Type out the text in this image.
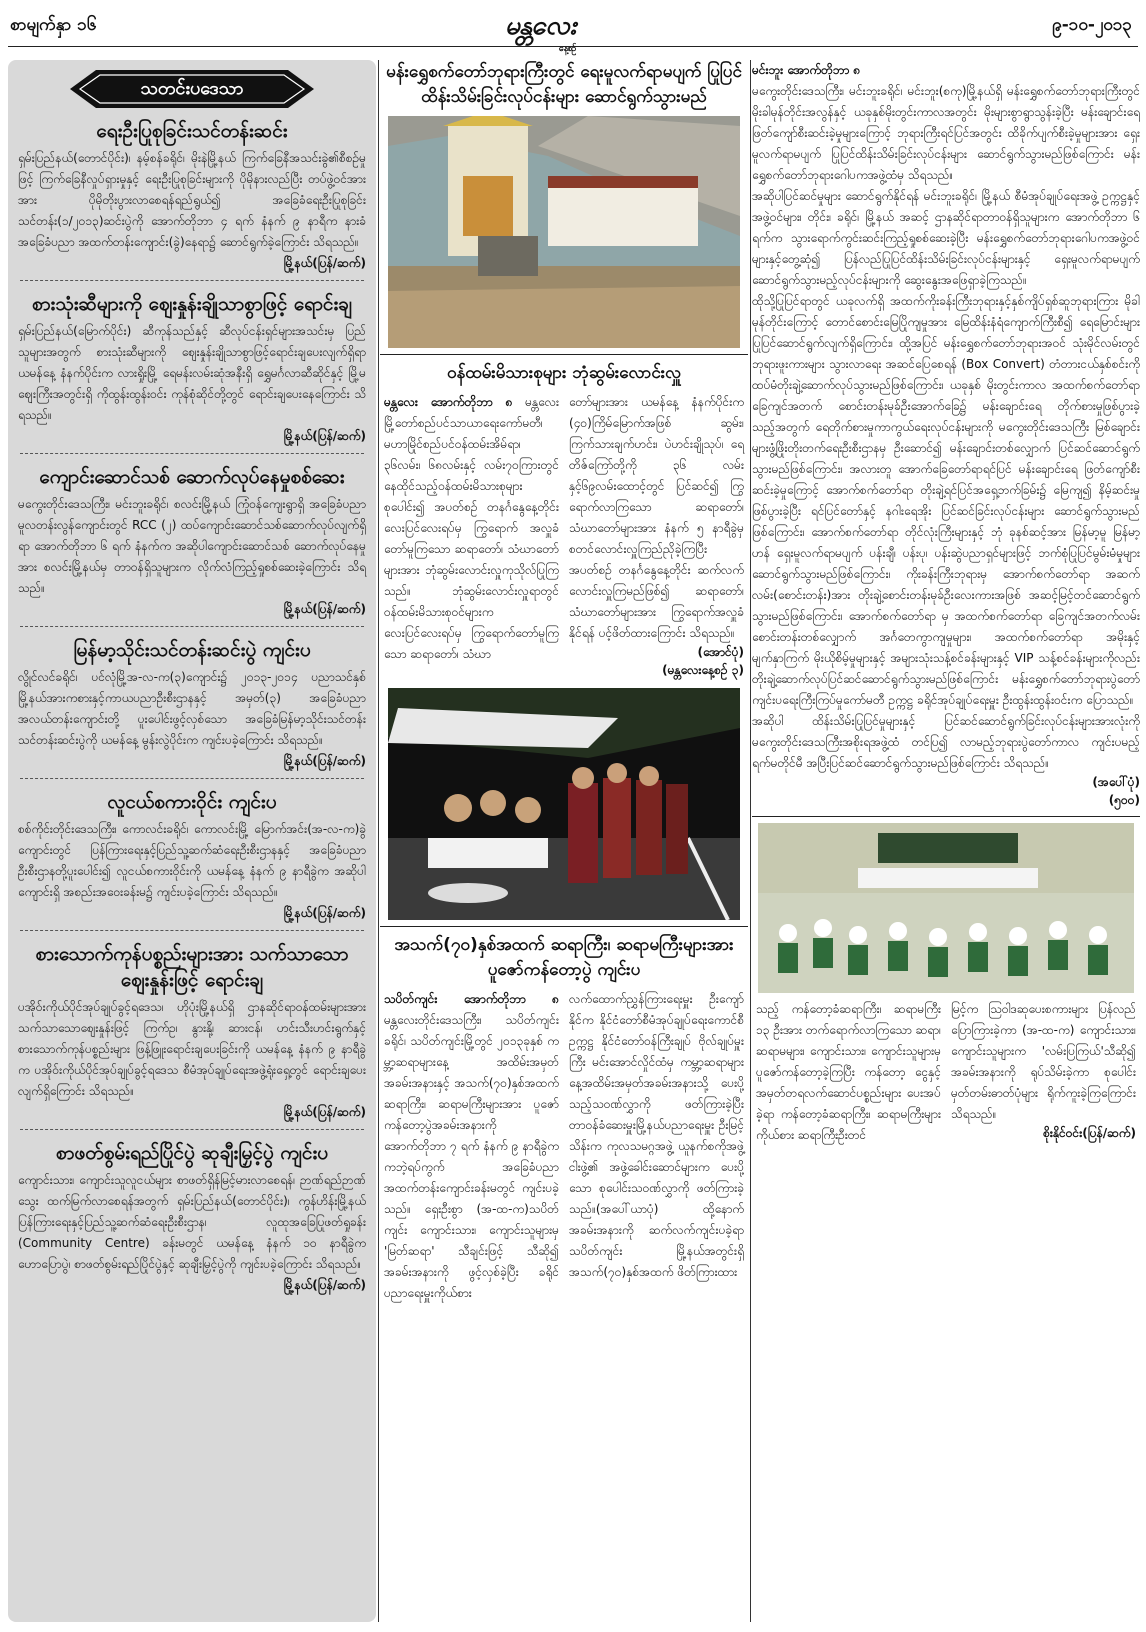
စာမျက်နှာ ၁၆	မန္တလေး
နေ့စဉ်
၉-၁၀-၂၀၁၃
သတင်းပဒေသာ
ရေးဦးပြုစုခြင်းသင်တန်းဆင်း

ရှမ်းပြည်နယ်(တောင်ပိုင်း)၊ နမ့်စန်ခရိုင်၊ မိုးနဲမြို့နယ် ကြက်ခြေနီအသင်းခွဲ၏စီစဉ်မှုဖြင့် ကြက်ခြေနီလှုပ်ရှားမှုနှင့် ရေးဦးပြုစုခြင်းများကို ပိုမိုနားလည်ပြီး တပ်ဖွဲ့ဝင်အားအား ပိုမိုတိုးပွားလာစေရန်ရည်ရွယ်၍ အခြေခံရေးဦးပြုစုခြင်းသင်တန်း(၁/၂၀၁၃)ဆင်းပွဲကို အောက်တိုဘာ ၄ ရက် နံနက် ၉ နာရီက နားခံအခြေခံပညာ အထက်တန်းကျောင်း(ခွဲ)နေရာ၌ ဆောင်ရွက်ခဲ့ကြောင်း သိရသည်။
မြို့နယ်(ပြန်/ဆက်)

စားသုံးဆီများကို ဈေးနှုန်းချိုသာစွာဖြင့် ရောင်းချ

ရှမ်းပြည်နယ်(မြောက်ပိုင်း) ဆီကုန်သည်နှင့် ဆီလုပ်ငန်းရှင်များအသင်းမှ ပြည်သူများအတွက် စားသုံးဆီများကို ဈေးနှုန်းချိုသာစွာဖြင့်ရောင်းချပေးလျက်ရှိရာ ယမန်နေ့ နံနက်ပိုင်းက လားရှိုးမြို့ ရေမန်းလမ်းဆုံအနီးရှိ ရွှေမင်္ဂလာဆီဆိုင်နှင့် မြို့မဈေးကြီးအတွင်းရှိ ကိုထွန်းထွန်းဝင်း ကုန်စုံဆိုင်တို့တွင် ရောင်းချပေးနေကြောင်း သိရသည်။
မြို့နယ်(ပြန်/ဆက်)

ကျောင်းဆောင်သစ် ဆောက်လုပ်နေမှုစစ်ဆေး

မကွေးတိုင်းဒေသကြီး၊ မင်းဘူးခရိုင်၊ စလင်းမြို့နယ် ကြုံဝန်ကျေးရွာရှိ အခြေခံပညာ မူလတန်းလွန်ကျောင်းတွင် RCC (၂) ထပ်ကျောင်းဆောင်သစ်ဆောက်လုပ်လျက်ရှိရာ အောက်တိုဘာ ၆ ရက် နံနက်က အဆိုပါကျောင်းဆောင်သစ် ဆောက်လုပ်နေမှုအား စလင်းမြို့နယ်မှ တာဝန်ရှိသူများက လိုက်လံကြည့်ရှုစစ်ဆေးခဲ့ကြောင်း သိရသည်။
မြို့နယ်(ပြန်/ဆက်)

မြန်မာ့သိုင်းသင်တန်းဆင်းပွဲ ကျင်းပ

လွိုင်လင်ခရိုင်၊ ပင်လုံမြို့အ-လ-က(၃)ကျောင်း၌ ၂၀၁၃-၂၀၁၄ ပညာသင်နှစ် မြို့နယ်အားကစားနှင့်ကာယပညာဦးစီးဌာနနှင့် အမှတ်(၃) အခြေခံပညာအလယ်တန်းကျောင်းတို့ ပူးပေါင်းဖွင့်လှစ်သော အခြေခံမြန်မာ့သိုင်းသင်တန်း သင်တန်းဆင်းပွဲကို ယမန်နေ့ မွန်းလွဲပိုင်းက ကျင်းပခဲ့ကြောင်း သိရသည်။
မြို့နယ်(ပြန်/ဆက်)

လူငယ်စကားဝိုင်း ကျင်းပ

စစ်ကိုင်းတိုင်းဒေသကြီး၊ ကောလင်းခရိုင်၊ ကောလင်းမြို့ မြောက်အင်း(အ-လ-က)ခွဲကျောင်းတွင် ပြန်ကြားရေးနှင့်ပြည်သူ့ဆက်ဆံရေးဦးစီးဌာနနှင့် အခြေခံပညာဦးစီးဌာနတို့ပူးပေါင်း၍ လူငယ်စကားဝိုင်းကို ယမန်နေ့ နံနက် ၉ နာရီခွဲက အဆိုပါကျောင်းရှိ အစည်းအဝေးခန်းမ၌ ကျင်းပခဲ့ကြောင်း သိရသည်။
မြို့နယ်(ပြန်/ဆက်)

စားသောက်ကုန်ပစ္စည်းများအား သက်သာသောဈေးနှုန်းဖြင့် ရောင်းချ

ပအိုဝ်းကိုယ်ပိုင်အုပ်ချုပ်ခွင့်ရဒေသ၊ ဟိုပုံးမြို့နယ်ရှိ ဌာနဆိုင်ရာဝန်ထမ်းများအား သက်သာသောဈေးနှုန်းဖြင့် ကြက်ဥ၊ နွားနို့၊ ဆားငန်၊ ဟင်းသီးဟင်းရွက်နှင့် စားသောက်ကုန်ပစ္စည်းများ ဖြန့်ဖြူးရောင်းချပေးခြင်းကို ယမန်နေ့ နံနက် ၉ နာရီခွဲက ပအိုဝ်းကိုယ်ပိုင်အုပ်ချုပ်ခွင့်ရဒေသ စီမံအုပ်ချုပ်ရေးအဖွဲ့ရုံးရှေ့တွင် ရောင်းချပေးလျက်ရှိကြောင်း သိရသည်။
မြို့နယ်(ပြန်/ဆက်)

စာဖတ်စွမ်းရည်ပြိုင်ပွဲ ဆုချီးမြှင့်ပွဲ ကျင်းပ

ကျောင်းသား၊ ကျောင်းသူလူငယ်များ စာဖတ်ရှိန်မြင့်မားလာစေရန်၊ ဉာဏ်ရည်ဉာဏ်သွေး ထက်မြက်လာစေရန်အတွက် ရှမ်းပြည်နယ်(တောင်ပိုင်း)၊ ကွန်ဟိန်းမြို့နယ် ပြန်ကြားရေးနှင့်ပြည်သူ့ဆက်ဆံရေးဦးစီးဌာန၊ လူထုအခြေပြုဖတ်ရှုခန်း (Community Centre) ခန်းမတွင် ယမန်နေ့ နံနက် ၁၀ နာရီခွဲက ဟောပြောပွဲ၊ စာဖတ်စွမ်းရည်ပြိုင်ပွဲနှင့် ဆုချီးမြှင့်ပွဲကို ကျင်းပခဲ့ကြောင်း သိရသည်။
မြို့နယ်(ပြန်/ဆက်)

မန်းရွှေစက်တော်ဘုရားကြီးတွင် ရေးမူလက်ရာမပျက် ပြုပြင်ထိန်းသိမ်းခြင်းလုပ်ငန်းများ ဆောင်ရွက်သွားမည်
ဝန်ထမ်းမိသားစုများ ဘုံဆွမ်းလောင်းလှူ

မန္တလေး အောက်တိုဘာ ၈ မန္တလေးမြို့တော်စည်ပင်သာယာရေးကော်မတီ၊ မဟာမြိုင်စည်ပင်ဝန်ထမ်းအိမ်ရာ၊ ၃၆လမ်း၊ ၆၈လမ်းနှင့် လမ်း၇၀ကြားတွင် နေထိုင်သည့်ဝန်ထမ်းမိသားစုများ စုပေါင်း၍ အပတ်စဉ် တနင်္ဂနွေနေ့တိုင်း လေးပြင်လေးရပ်မှ ကြွရောက် အလှူခံတော်မူကြသော ဆရာတော်၊ သံဃာတော်များအား ဘုံဆွမ်းလောင်းလှူကုသိုလ်ပြုကြသည်။ ဘုံဆွမ်းလောင်းလှူရာတွင် ဝန်ထမ်းမိသားစုဝင်များက လေးပြင်လေးရပ်မှ ကြွရောက်တော်မူကြသော ဆရာတော်၊ သံဃာ

တော်များအား ယမန်နေ့ နံနက်ပိုင်းက (၄၀)ကြိမ်မြောက်အဖြစ် ဆွမ်း၊ ကြက်သားချက်ဟင်း၊ ပဲဟင်းချိုသုပ်၊ ရေတိဇ်ကြော်တို့ကို ၃၆ လမ်းနှင့်၆၉လမ်းထောင့်တွင် ပြင်ဆင်၍ ကြွရောက်လာကြသော ဆရာတော်၊ သံဃာတော်များအား နံနက် ၅ နာရီခွဲမှ စတင်လောင်းလှူကြည်ညိုခဲ့ကြပြီး အပတ်စဉ် တနင်္ဂနွေနေ့တိုင်း ဆက်လက်လောင်းလှူကြမည်ဖြစ်၍ ဆရာတော်၊ သံဃာတော်များအား ကြွရောက်အလှူခံနိုင်ရန် ပင့်ဖိတ်ထားကြောင်း သိရသည်။

(အောင်ပုံ)
(မန္တလေးနေ့စဉ် ၃)
အသက်(၇၀)နှစ်အထက် ဆရာကြီး၊ ဆရာမကြီးများအား ပူဇော်ကန်တော့ပွဲ ကျင်းပ

သပိတ်ကျင်း အောက်တိုဘာ ၈ မန္တလေးတိုင်းဒေသကြီး၊ သပိတ်ကျင်းခရိုင်၊ သပိတ်ကျင်းမြို့တွင် ၂၀၁၃ခုနှစ် ကမ္ဘာ့ဆရာများနေ့ အထိမ်းအမှတ်အခမ်းအနားနှင့် အသက်(၇၀)နှစ်အထက် ဆရာကြီး၊ ဆရာမကြီးများအား ပူဇော်ကန်တော့ပွဲအခမ်းအနားကို အောက်တိုဘာ ၇ ရက် နံနက် ၉ နာရီခွဲက ကဘဲ့ရပ်ကွက် အခြေခံပညာအထက်တန်းကျောင်းခန်းမတွင် ကျင်းပခဲ့သည်။ ရှေးဦးစွာ (အ-ထ-က)သပိတ်ကျင်း ကျောင်းသား၊ ကျောင်းသူများမှ 'မြတ်ဆရာ' သီချင်းဖြင့် သီဆို၍ အခမ်းအနားကို ဖွင့်လှစ်ခဲ့ပြီး ခရိုင်ပညာရေးမှူးကိုယ်စား

လက်ထောက်ညွှန်ကြားရေးမှူး ဦးကျော်နိုင်က နိုင်ငံတော်စီမံအုပ်ချုပ်ရေးကောင်စီဥက္ကဋ္ဌ နိုင်ငံတော်ဝန်ကြီးချုပ် ဗိုလ်ချုပ်မှူးကြီး မင်းအောင်လှိုင်ထံမှ ကမ္ဘာ့ဆရာများနေ့အထိမ်းအမှတ်အခမ်းအနားသို့ ပေးပို့သည့်သဝဏ်လွှာကို ဖတ်ကြားခဲ့ပြီး တာဝန်ခံဆေးမှူးမြို့နယ်ပညာရေးမှူး ဦးမြင့်သိန်းက ကုလသမဂ္ဂအဖွဲ့ ယူနက်စကိုအဖွဲ့ ငါးဖွဲ့၏ အဖွဲ့ခေါင်းဆောင်များက ပေးပို့သော စုပေါင်းသဝဏ်လွှာကို ဖတ်ကြားခဲ့သည်။(အပေါ်ယာပုံ) ထို့နောက် အခမ်းအနားကို ဆက်လက်ကျင်းပခဲ့ရာ သပိတ်ကျင်း မြို့နယ်အတွင်းရှိ အသက်(၇၀)နှစ်အထက် ဖိတ်ကြားထား

မင်းဘူး အောက်တိုဘာ ၈
မကွေးတိုင်းဒေသကြီး၊ မင်းဘူးခရိုင်၊ မင်းဘူး(စကု)မြို့နယ်ရှိ မန်းရွှေစက်တော်ဘုရားကြီးတွင် မိုးခါမုန်တိုင်းအလွန်နှင့် ယခုနှစ်မိုးတွင်းကာလအတွင်း မိုးများစွာရွာသွန်းခဲ့ပြီး မန်းချောင်းရေဖြတ်ကျော်စီးဆင်းခဲ့မှုများကြောင့် ဘုရားကြီးရင်ပြင်အတွင်း ထိခိုက်ပျက်စီးခဲ့မှုများအား ရှေးမူလက်ရာမပျက် ပြုပြင်ထိန်းသိမ်းခြင်းလုပ်ငန်းများ ဆောင်ရွက်သွားမည်ဖြစ်ကြောင်း မန်းရွှေစက်တော်ဘုရားဂေါပကအဖွဲ့ထံမှ သိရသည်။

အဆိုပါပြင်ဆင်မှုများ ဆောင်ရွက်နိုင်ရန် မင်းဘူးခရိုင်၊ မြို့နယ် စီမံအုပ်ချုပ်ရေးအဖွဲ့ ဥက္ကဋ္ဌနှင့် အဖွဲ့ဝင်များ၊ တိုင်း၊ ခရိုင်၊ မြို့နယ် အဆင့် ဌာနဆိုင်ရာတာဝန်ရှိသူများက အောက်တိုဘာ ၆ ရက်က သွားရောက်ကွင်းဆင်းကြည့်ရှုစစ်ဆေးခဲ့ပြီး မန်းရွှေစက်တော်ဘုရားဂေါပကအဖွဲ့ဝင်များနှင့်တွေ့ဆုံ၍ ပြန်လည်ပြုပြင်ထိန်းသိမ်းခြင်းလုပ်ငန်းများနှင့် ရှေးမူလက်ရာမပျက် ဆောင်ရွက်သွားမည့်လုပ်ငန်းများကို ဆွေးနွေးအဖြေရှာခဲ့ကြသည်။

ထိုသို့ပြုပြင်ရာတွင် ယခုလက်ရှိ အထက်ကိုးခန်းကြီးဘုရားနှင့်နှစ်ကျိပ်ရှစ်ဆူဘုရားကြား မိုခါမုန်တိုင်းကြောင့် တောင်စောင်းမြေပြိုကျမှုအား မြေထိန်းနံရံကျောက်ကြီးစီ၍ ရေမြောင်းများ ပြုပြင်ဆောင်ရွက်လျက်ရှိကြောင်း၊ ထို့အပြင် မန်းရွှေစက်တော်ဘုရားအဝင် သုံးမိုင်လမ်းတွင် ဘုရားဖူးကားများ သွားလာရေး အဆင်ပြေစေရန် (Box Convert) တံတားငယ်နှစ်စင်းကို ထပ်မံတိုးချဲ့ဆောက်လုပ်သွားမည်ဖြစ်ကြောင်း၊ ယခုနှစ် မိုးတွင်းကာလ အထက်စက်တော်ရာ ခြေကျင်အတက် စောင်းတန်းမုခ်ဦးအောက်ခြေ၌ မန်းချောင်းရေ တိုက်စားမှုဖြစ်ပွားခဲ့သည့်အတွက် ရေတိုက်စားမှုကာကွယ်ရေးလုပ်ငန်းများကို မကွေးတိုင်းဒေသကြီး မြစ်ချောင်းများဖွံ့ဖြိုးတိုးတက်ရေးဦးစီးဌာနမှ ဦးဆောင်၍ မန်းချောင်းတစ်လျှောက် ပြင်ဆင်ဆောင်ရွက်သွားမည်ဖြစ်ကြောင်း၊ အလားတူ အောက်ခြေတော်ရာရင်ပြင် မန်းချောင်းရေ ဖြတ်ကျော်စီးဆင်းခဲ့မှုကြောင့် အောက်စက်တော်ရာ တိုးချဲ့ရင်ပြင်အရှေ့ဘက်ခြမ်း၌ မြေကျ၍ နိမ့်ဆင်းမှုဖြစ်ပွားခဲ့ပြီး ရင်ပြင်တော်နှင့် နဂါးရေအိုး ပြင်ဆင်ခြင်းလုပ်ငန်းများ ဆောင်ရွက်သွားမည်ဖြစ်ကြောင်း၊ အောက်စက်တော်ရာ တိုင်လုံးကြီးများနှင့် ဘုံ ခုနစ်ဆင့်အား မြန်မာ့မူ မြန်မာ့ဟန် ရှေးမူလက်ရာမပျက် ပန်းချီ၊ ပန်းပု၊ ပန်းဆွဲပညာရှင်များဖြင့် ဘက်စုံပြုပြင်မွမ်းမံမှုများ ဆောင်ရွက်သွားမည်ဖြစ်ကြောင်း၊ ကိုးခန်းကြီးဘုရားမှ အောက်စက်တော်ရာ အဆက်လမ်း(စောင်းတန်း)အား တိုးချဲ့စောင်းတန်းမုခ်ဦးလေးကားအဖြစ် အဆင့်မြင့်တင်ဆောင်ရွက်သွားမည်ဖြစ်ကြောင်း၊ အောက်စက်တော်ရာ မှ အထက်စက်တော်ရာ ခြေကျင်အတက်လမ်းစောင်းတန်းတစ်လျှောက် အင်္ဂတေကွာကျမှုများ၊ အထက်စက်တော်ရာ အမိုးနှင့် မျက်နှာကြက် မိုးယိုစိမ့်မှုများနှင့် အများသုံးသန့်စင်ခန်းများနှင့် VIP သန့်စင်ခန်းများကိုလည်း တိုးချဲ့ဆောက်လုပ်ပြင်ဆင်ဆောင်ရွက်သွားမည်ဖြစ်ကြောင်း မန်းရွှေစက်တော်ဘုရားပွဲတော်ကျင်းပရေးကြီးကြပ်မှုကော်မတီ ဥက္ကဋ္ဌ ခရိုင်အုပ်ချုပ်ရေးမှူး ဦးထွန်းထွန်းဝင်းက ပြောသည်။

အဆိုပါ ထိန်းသိမ်းပြုပြင်မှုများနှင့် ပြင်ဆင်ဆောင်ရွက်ခြင်းလုပ်ငန်းများအားလုံးကို မကွေးတိုင်းဒေသကြီးအစိုးရအဖွဲ့ထံ တင်ပြ၍ လာမည့်ဘုရားပွဲတော်ကာလ ကျင်းပမည့်ရက်မတိုင်မီ အပြီးပြင်ဆင်ဆောင်ရွက်သွားမည်ဖြစ်ကြောင်း သိရသည်။

(အပေါ်ပုံ)
(၅၀၀)

သည့် ကန်တော့ခံဆရာကြီး၊ ဆရာမကြီး ၁၃ ဦးအား တက်ရောက်လာကြသော ဆရာ၊ ဆရာမများ၊ ကျောင်းသား၊ ကျောင်းသူများမှ ပူဇော်ကန်တော့ခဲ့ကြပြီး ကန်တော့ ငွေနှင့် အမှတ်တရလက်ဆောင်ပစ္စည်းများ ပေးအပ်ခဲ့ရာ ကန်တော့ခံဆရာကြီး၊ ဆရာမကြီးများကိုယ်စား ဆရာကြီးဦးတင်

မြင့်က ဩဝါဒဆုပေးစကားများ ပြန်လည်ပြောကြားခဲ့ကာ (အ-ထ-က) ကျောင်းသား၊ ကျောင်းသူများက 'လမ်းပြကြယ်'သီဆို၍ အခမ်းအနားကို ရုပ်သိမ်းခဲ့ကာ စုပေါင်းမှတ်တမ်းဓာတ်ပုံများ ရိုက်ကူးခဲ့ကြကြောင်း သိရသည်။

စိုးနိုင်ဝင်း(ပြန်/ဆက်)
